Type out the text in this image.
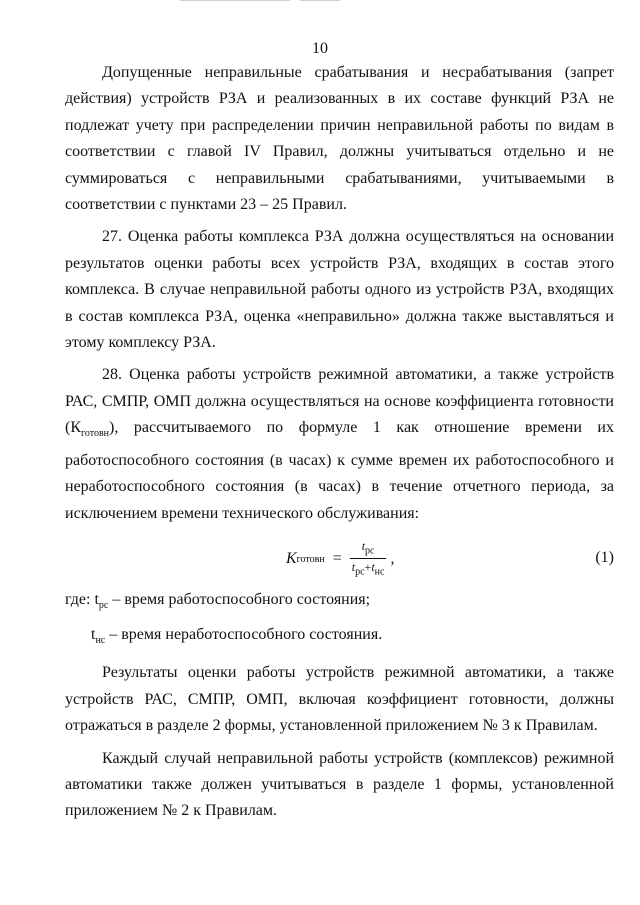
10

Допущенные неправильные срабатывания и несрабатывания (запрет действия) устройств РЗА и реализованных в их составе функций РЗА не подлежат учету при распределении причин неправильной работы по видам в соответствии с главой IV Правил, должны учитываться отдельно и не суммироваться с неправильными срабатываниями, учитываемыми в соответствии с пунктами 23 – 25 Правил.

27. Оценка работы комплекса РЗА должна осуществляться на основании результатов оценки работы всех устройств РЗА, входящих в состав этого комплекса. В случае неправильной работы одного из устройств РЗА, входящих в состав комплекса РЗА, оценка «неправильно» должна также выставляться и этому комплексу РЗА.

28. Оценка работы устройств режимной автоматики, а также устройств РАС, СМПР, ОМП должна осуществляться на основе коэффициента готовности $(К_{готовн})$, рассчитываемого по формуле 1 как отношение времени их работоспособного состояния (в часах) к сумме времен их работоспособного и неработоспособного состояния (в часах) в течение отчетного периода, за исключением времени технического обслуживания:

K готовн = $\frac{t_{рс}}{t_{рс}+t_{нс}}$ ,	(1)

где: $t_{рс}$ – время работоспособного состояния;

$t_{нс}$ – время неработоспособного состояния.

Результаты оценки работы устройств режимной автоматики, а также устройств РАС, СМПР, ОМП, включая коэффициент готовности, должны отражаться в разделе 2 формы, установленной приложением № 3 к Правилам.

Каждый случай неправильной работы устройств (комплексов) режимной автоматики также должен учитываться в разделе 1 формы, установленной приложением № 2 к Правилам.
